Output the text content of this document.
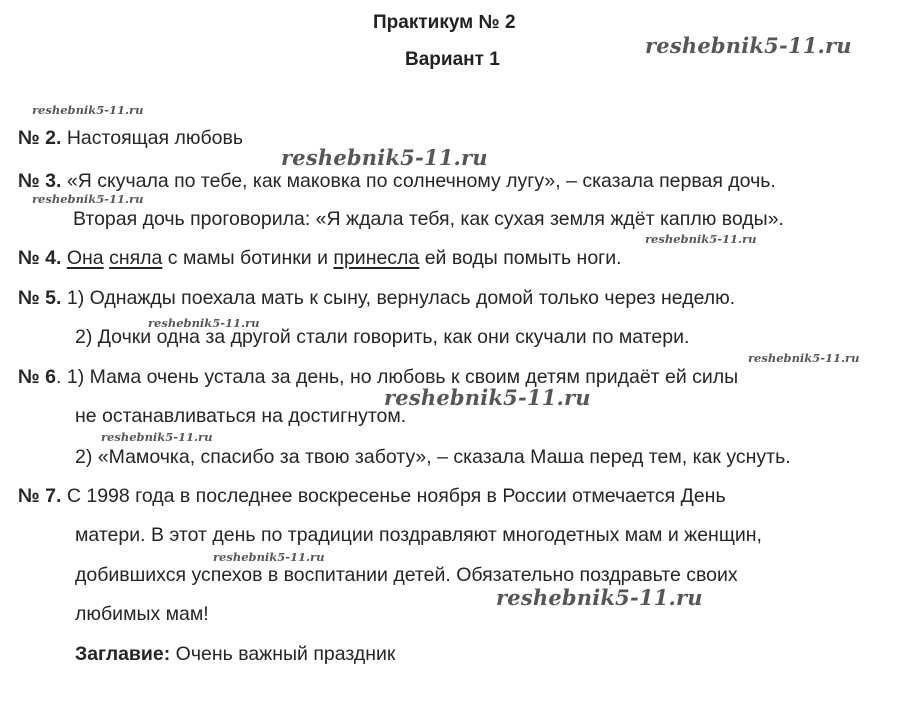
Практикум № 2
Вариант 1
reshebnik5-11.ru
reshebnik5-11.ru
reshebnik5-11.ru
reshebnik5-11.ru
reshebnik5-11.ru
reshebnik5-11.ru
reshebnik5-11.ru
reshebnik5-11.ru
reshebnik5-11.ru
reshebnik5-11.ru
reshebnik5-11.ru
№ 2. Настоящая любовь
№ 3. «Я скучала по тебе, как маковка по солнечному лугу», – сказала первая дочь.
Вторая дочь проговорила: «Я ждала тебя, как сухая земля ждёт каплю воды».
№ 4. Она сняла с мамы ботинки и принесла ей воды помыть ноги.
№ 5. 1) Однажды поехала мать к сыну, вернулась домой только через неделю.
2) Дочки одна за другой стали говорить, как они скучали по матери.
№ 6. 1) Мама очень устала за день, но любовь к своим детям придаёт ей силы
не останавливаться на достигнутом.
2) «Мамочка, спасибо за твою заботу», – сказала Маша перед тем, как уснуть.
№ 7. С 1998 года в последнее воскресенье ноября в России отмечается День
матери. В этот день по традиции поздравляют многодетных мам и женщин,
добившихся успехов в воспитании детей. Обязательно поздравьте своих
любимых мам!
Заглавие: Очень важный праздник
